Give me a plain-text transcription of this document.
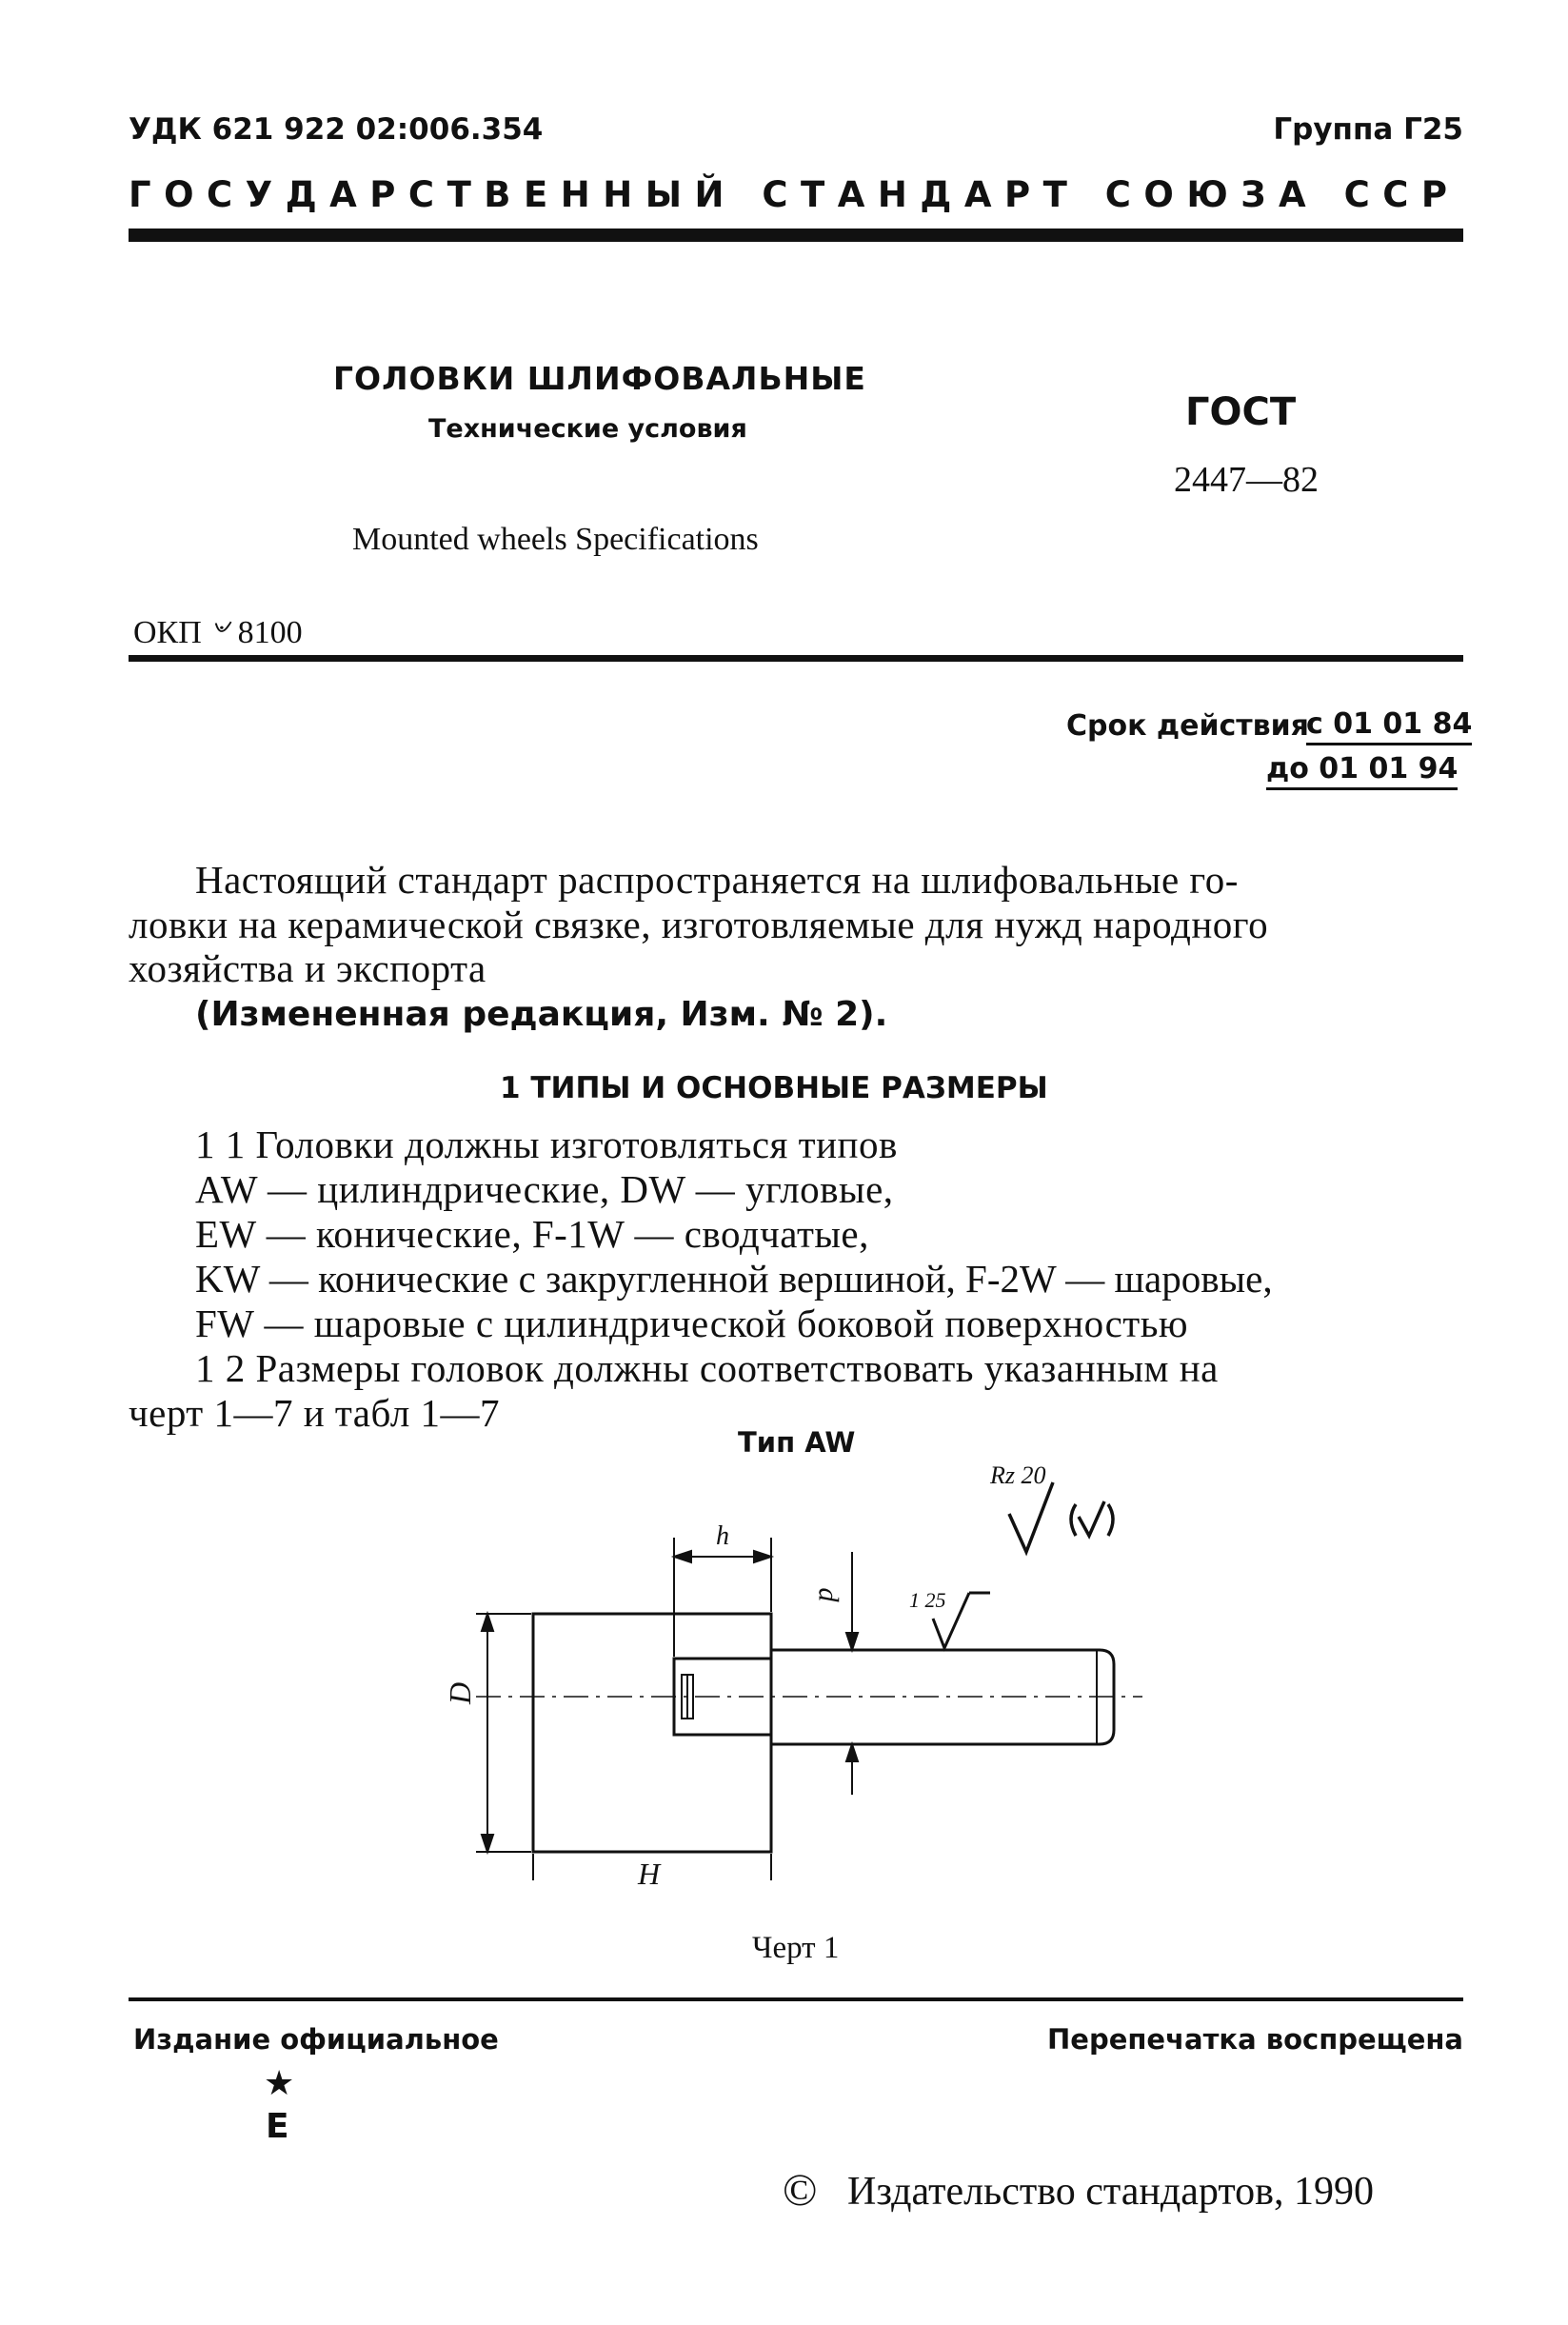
УДК 621 922 02:006.354	Группа Г25
ГОСУДАРСТВЕННЫЙ СТАНДАРТ СОЮЗА ССР
ГОЛОВКИ ШЛИФОВАЛЬНЫЕ
Технические условия
Mounted wheels Specifications
ГОСТ
2447—82
ОКП ৺ 8100
Срок действия
с 01 01 84
до 01 01 94
Настоящий стандарт распространяется на шлифовальные го-
ловки на керамической связке, изготовляемые для нужд народного
хозяйства и экспорта
(Измененная редакция, Изм. № 2).
1 ТИПЫ И ОСНОВНЫЕ РАЗМЕРЫ
1 1 Головки должны изготовляться типов
AW — цилиндрические, DW — угловые,
EW — конические, F-1W — сводчатые,
KW — конические с закругленной вершиной, F-2W — шаровые,
FW — шаровые с цилиндрической боковой поверхностью
1 2 Размеры головок должны соответствовать указанным на
черт 1—7 и табл 1—7
Тип AW
Rz 20
1 25
h
d
D
H
Черт 1
Издание официальное	Перепечатка воспрещена
★
E
© Издательство стандартов, 1990
